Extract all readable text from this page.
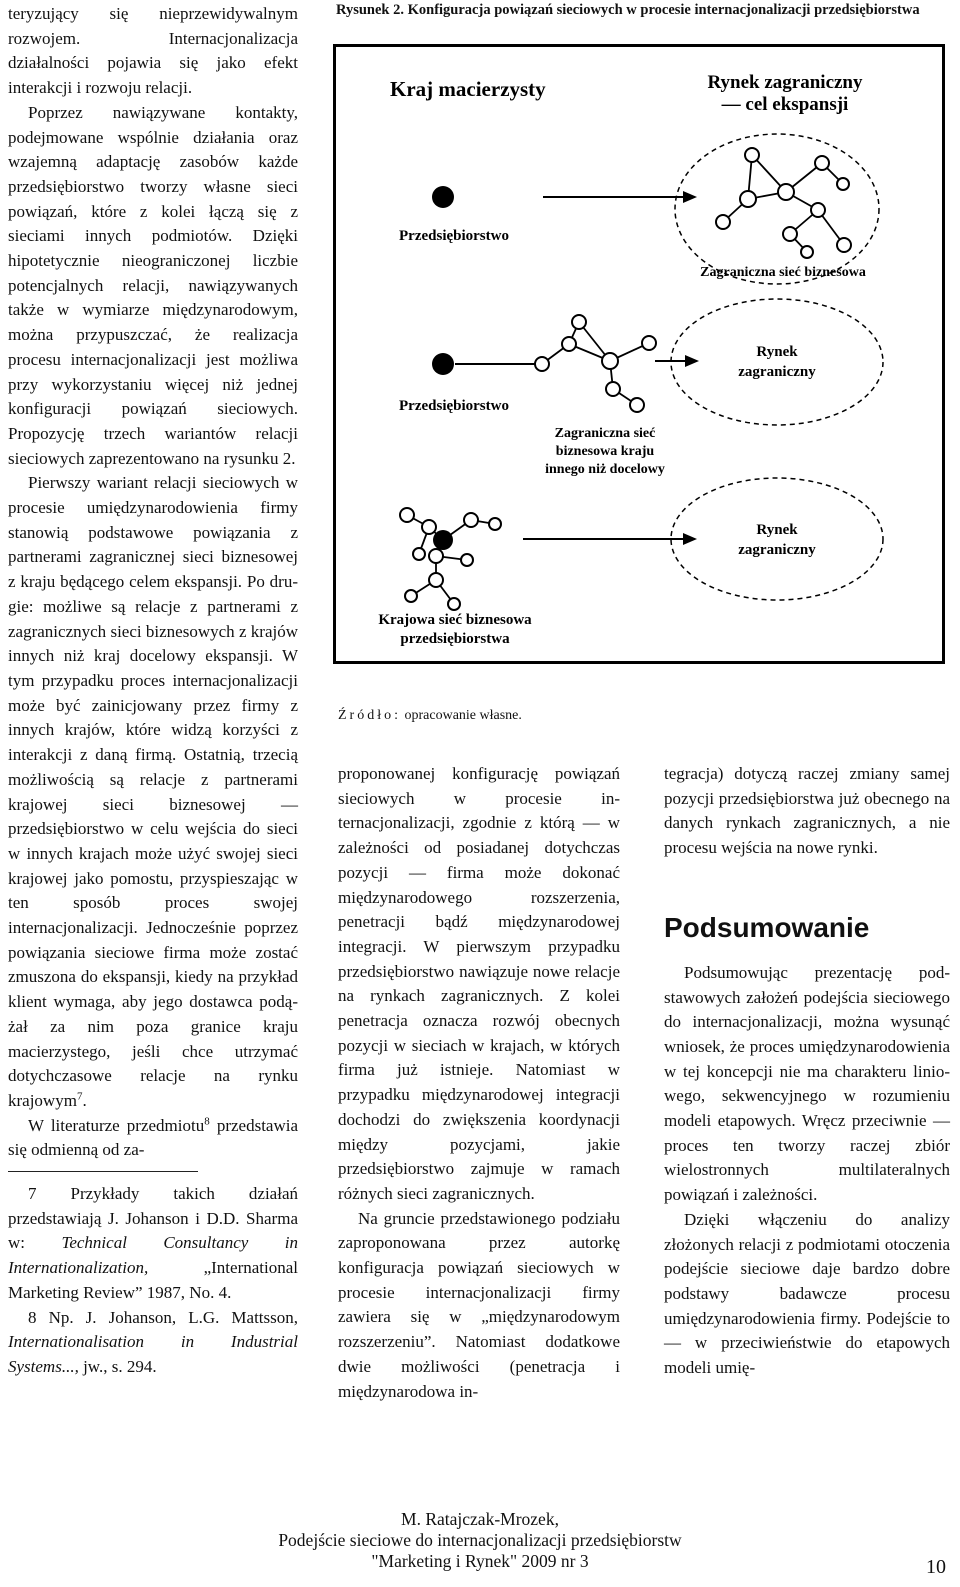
teryzujący się nieprzewidywalnym rozwojem. Internacjonalizacja działalności pojawia się jako efekt interakcji i rozwoju relacji.

Poprzez nawiązywane kontakty, podejmowane wspólnie działania oraz wzajemną adaptację zasobów każde przedsiębiorstwo tworzy własne sieci powiązań, które z kolei łączą się z sieciami innych podmiotów. Dzięki hipotetycznie nieograniczonej liczbie potencjalnych relacji, nawiązywanych także w wymiarze międzynarodowym, można przypuszczać, że realizacja procesu internacjonalizacji jest możliwa przy wykorzystaniu więcej niż jednej konfiguracji powiązań sieciowych. Propozycję trzech wariantów relacji sieciowych zaprezentowano na rysunku 2.

Pierwszy wariant relacji sieciowych w procesie umiędzynarodowienia firmy stanowią podstawowe powiązania z partnerami zagranicznej sieci biznesowej z kraju będącego celem ekspansji. Po drugie: możliwe są relacje z partnerami z zagranicznych sieci biznesowych z krajów innych niż kraj docelowy ekspansji. W tym przypadku proces internacjonalizacji może być zainicjowany przez firmy z innych krajów, które widzą korzyści z interakcji z daną firmą. Ostatnią, trzecią możliwością są relacje z partnerami krajowej sieci biznesowej — przedsiębiorstwo w celu wejścia do sieci w innych krajach może użyć swojej sieci krajowej jako pomostu, przyspieszając w ten sposób proces swojej internacjonalizacji. Jednocześnie poprzez powiązania sieciowe firma może zostać zmuszona do ekspansji, kiedy na przykład klient wymaga, aby jego dostawca podążał za nim poza granice kraju macierzystego, jeśli chce utrzymać dotychczasowe relacje na rynku krajowym$^7$.

W literaturze przedmiotu$^8$ przedstawia się odmienną od za-

7 Przykłady takich działań przedstawiają J. Johanson i D.D. Sharma w: Technical Consultancy in Internationalization,	„International Marketing Review” 1987, No. 4.

8 Np. J. Johanson, L.G. Mattsson, Internationalisation in Industrial Systems..., jw., s. 294.

Rysunek 2. Konfiguracja powiązań sieciowych w procesie internacjonalizacji przedsiębiorstwa
Kraj macierzysty	Rynek zagraniczny
— cel ekspansji
Zagraniczna sieć biznesowa
Przedsiębiorstwo
Przedsiębiorstwo
Rynek
zagraniczny
Zagraniczna sieć
biznesowa kraju
innego niż docelowy
Rynek
zagraniczny
Krajowa sieć biznesowa
przedsiębiorstwa
Źródło: opracowanie własne.

proponowanej konfigurację powiązań sieciowych w procesie internacjonalizacji, zgodnie z którą — w zależności od posiadanej dotychczas pozycji — firma może dokonać międzynarodowego rozszerzenia, penetracji bądź międzynarodowej integracji. W pierwszym przypadku przedsiębiorstwo nawiązuje nowe relacje na rynkach zagranicznych. Z kolei penetracja oznacza rozwój obecnych pozycji w sieciach w krajach, w których firma już istnieje. Natomiast w przypadku międzynarodowej integracji dochodzi do zwiększenia koordynacji między pozycjami, jakie przedsiębiorstwo zajmuje w ramach różnych sieci zagranicznych.

Na gruncie przedstawionego podziału zaproponowana przez autorkę konfiguracja powiązań sieciowych w procesie internacjonalizacji firmy zawiera się w „międzynarodowym rozszerzeniu”. Natomiast dodatkowe dwie możliwości (penetracja i międzynarodowa in-

tegracja) dotyczą raczej zmiany samej pozycji przedsiębiorstwa już obecnego na danych rynkach zagranicznych, a nie procesu wejścia na nowe rynki.

Podsumowując prezentację podstawowych założeń podejścia sieciowego do internacjonalizacji, można wysunąć wniosek, że proces umiędzynarodowienia w tej koncepcji nie ma charakteru liniowego, sekwencyjnego w rozumieniu modeli etapowych. Wręcz przeciwnie — proces ten tworzy raczej zbiór wielostronnych multilateralnych powiązań i zależności.

Dzięki włączeniu do analizy złożonych relacji z podmiotami otoczenia podejście sieciowe daje bardzo dobre podstawy badawcze procesu umiędzynarodowienia firmy. Podejście to — w przeciwieństwie do etapowych modeli umię-

Podsumowanie
M. Ratajczak-Mrozek,
Podejście sieciowe do internacjonalizacji przedsiębiorstw
"Marketing i Rynek" 2009 nr 3	10
